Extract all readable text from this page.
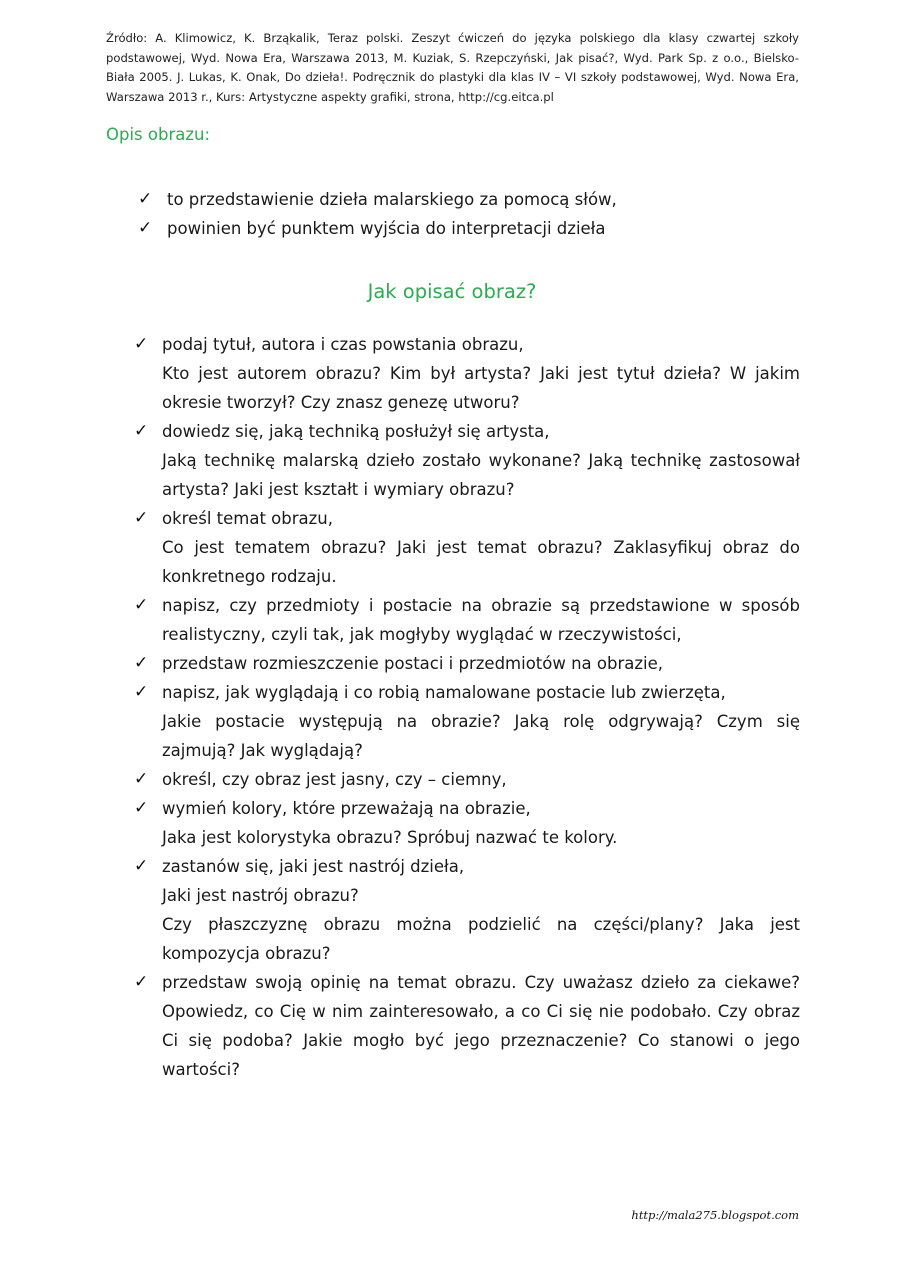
Źródło: A. Klimowicz, K. Brząkalik, Teraz polski. Zeszyt ćwiczeń do języka polskiego dla klasy czwartej szkoły podstawowej, Wyd. Nowa Era, Warszawa 2013, M. Kuziak, S. Rzepczyński, Jak pisać?, Wyd. Park Sp. z o.o., Bielsko-Biała 2005. J. Lukas, K. Onak, Do dzieła!. Podręcznik do plastyki dla klas IV – VI szkoły podstawowej, Wyd. Nowa Era, Warszawa 2013 r., Kurs: Artystyczne aspekty grafiki, strona, http://cg.eitca.pl
Opis obrazu:
✓ to przedstawienie dzieła malarskiego za pomocą słów,
✓ powinien być punktem wyjścia do interpretacji dzieła
Jak opisać obraz?
✓ podaj tytuł, autora i czas powstania obrazu,
Kto jest autorem obrazu? Kim był artysta? Jaki jest tytuł dzieła? W jakim okresie tworzył? Czy znasz genezę utworu?
✓ dowiedz się, jaką techniką posłużył się artysta,
Jaką technikę malarską dzieło zostało wykonane? Jaką technikę zastosował artysta? Jaki jest kształt i wymiary obrazu?
✓ określ temat obrazu,
Co jest tematem obrazu? Jaki jest temat obrazu? Zaklasyfikuj obraz do konkretnego rodzaju.
✓ napisz, czy przedmioty i postacie na obrazie są przedstawione w sposób realistyczny, czyli tak, jak mogłyby wyglądać w rzeczywistości,
✓ przedstaw rozmieszczenie postaci i przedmiotów na obrazie,
✓ napisz, jak wyglądają i co robią namalowane postacie lub zwierzęta,
Jakie postacie występują na obrazie? Jaką rolę odgrywają? Czym się zajmują? Jak wyglądają?
✓ określ, czy obraz jest jasny, czy – ciemny,
✓ wymień kolory, które przeważają na obrazie,
Jaka jest kolorystyka obrazu? Spróbuj nazwać te kolory.
✓ zastanów się, jaki jest nastrój dzieła,
Jaki jest nastrój obrazu?
Czy płaszczyznę obrazu można podzielić na części/plany? Jaka jest kompozycja obrazu?
✓ przedstaw swoją opinię na temat obrazu. Czy uważasz dzieło za ciekawe? Opowiedz, co Cię w nim zainteresowało, a co Ci się nie podobało. Czy obraz Ci się podoba? Jakie mogło być jego przeznaczenie? Co stanowi o jego wartości?
http://mala275.blogspot.com
